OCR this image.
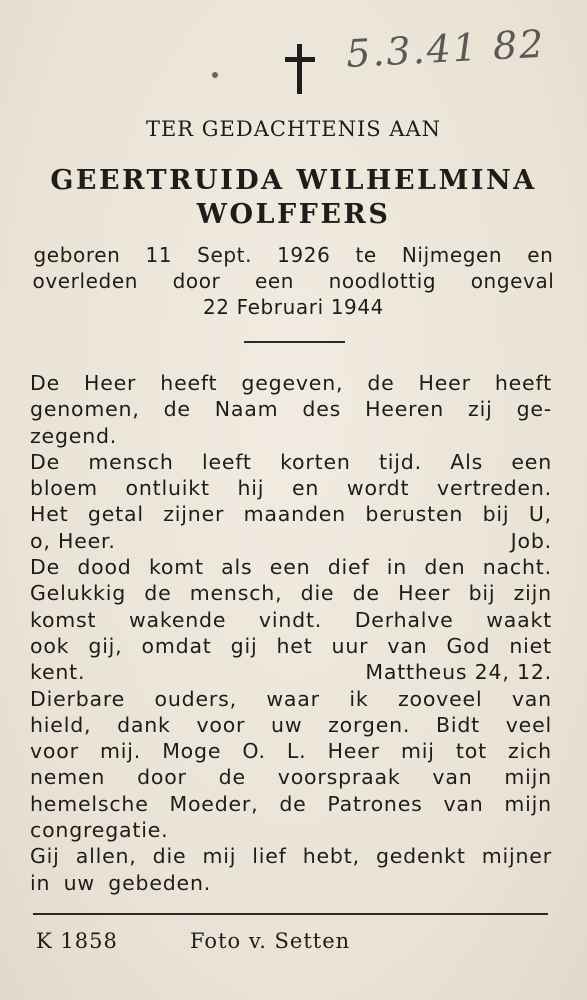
5.3.41 82
TER GEDACHTENIS AAN
GEERTRUIDA WILHELMINA
WOLFFERS
geboren 11 Sept. 1926 te Nijmegen en
overleden door een noodlottig ongeval
22 Februari 1944
De Heer heeft gegeven, de Heer heeft
genomen, de Naam des Heeren zij ge-
zegend.
De mensch leeft korten tijd. Als een
bloem ontluikt hij en wordt vertreden.
Het getal zijner maanden berusten bij U,
o, Heer.	Job.
De dood komt als een dief in den nacht.
Gelukkig de mensch, die de Heer bij zijn
komst wakende vindt. Derhalve waakt
ook gij, omdat gij het uur van God niet
kent.	Mattheus 24, 12.
Dierbare ouders, waar ik zooveel van
hield, dank voor uw zorgen. Bidt veel
voor mij. Moge O. L. Heer mij tot zich
nemen door de voorspraak van mijn
hemelsche Moeder, de Patrones van mijn
congregatie.
Gij allen, die mij lief hebt, gedenkt mijner
in uw gebeden.
K 1858	Foto v. Setten
